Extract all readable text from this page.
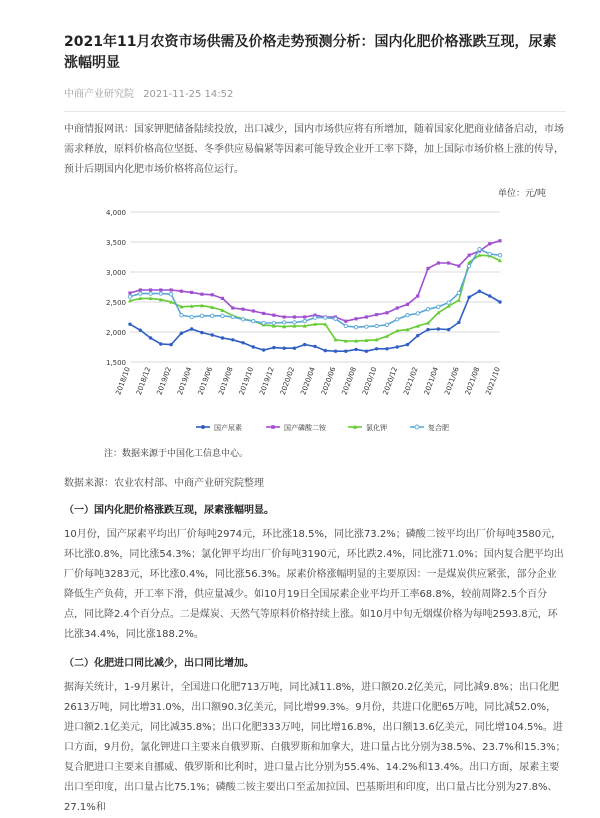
2021年11月农资市场供需及价格走势预测分析：国内化肥价格涨跌互现，尿素涨幅明显
中商产业研究院 2021-11-25 14:52

中商情报网讯：国家钾肥储备陆续投放，出口减少，国内市场供应将有所增加，随着国家化肥商业储备启动，市场需求释放，原料价格高位坚挺、冬季供应易偏紧等因素可能导致企业开工率下降，加上国际市场价格上涨的传导，预计后期国内化肥市场价格将高位运行。

单位：元/吨
1,500
2,000
2,500
3,000
3,500
4,000
2018/10 2018/12 2019/02 2019/04 2019/06 2019/08 2019/10 2019/12 2020/02 2020/04 2020/06 2020/08 2020/10 2020/12 2021/02 2021/04 2021/06 2021/08 2021/10
国产尿素	国产磷酸二铵	氯化钾	复合肥
注：数据来源于中国化工信息中心。
数据来源：农业农村部、中商产业研究院整理
（一）国内化肥价格涨跌互现，尿素涨幅明显。

10月份，国产尿素平均出厂价每吨2974元，环比涨18.5%，同比涨73.2%；磷酸二铵平均出厂价每吨3580元，环比涨0.8%，同比涨54.3%；氯化钾平均出厂价每吨3190元，环比跌2.4%，同比涨71.0%；国内复合肥平均出厂价每吨3283元，环比涨0.4%，同比涨56.3%。尿素价格涨幅明显的主要原因：一是煤炭供应紧张，部分企业降低生产负荷，开工率下滑，供应量减少。如10月19日全国尿素企业平均开工率68.8%，较前周降2.5个百分点，同比降2.4个百分点。二是煤炭、天然气等原料价格持续上涨。如10月中旬无烟煤价格为每吨2593.8元，环比涨34.4%，同比涨188.2%。

（二）化肥进口同比减少，出口同比增加。

据海关统计，1-9月累计，全国进口化肥713万吨，同比减11.8%，进口额20.2亿美元，同比减9.8%；出口化肥2613万吨，同比增31.0%，出口额90.3亿美元，同比增99.3%。9月份，共进口化肥65万吨，同比减52.0%，进口额2.1亿美元，同比减35.8%；出口化肥333万吨，同比增16.8%，出口额13.6亿美元，同比增104.5%。进口方面，9月份，氯化钾进口主要来自俄罗斯、白俄罗斯和加拿大，进口量占比分别为38.5%、23.7%和15.3%；复合肥进口主要来自挪威、俄罗斯和比利时，进口量占比分别为55.4%、14.2%和13.4%。出口方面，尿素主要出口至印度，出口量占比75.1%；磷酸二铵主要出口至孟加拉国、巴基斯坦和印度，出口量占比分别为27.8%、27.1%和
